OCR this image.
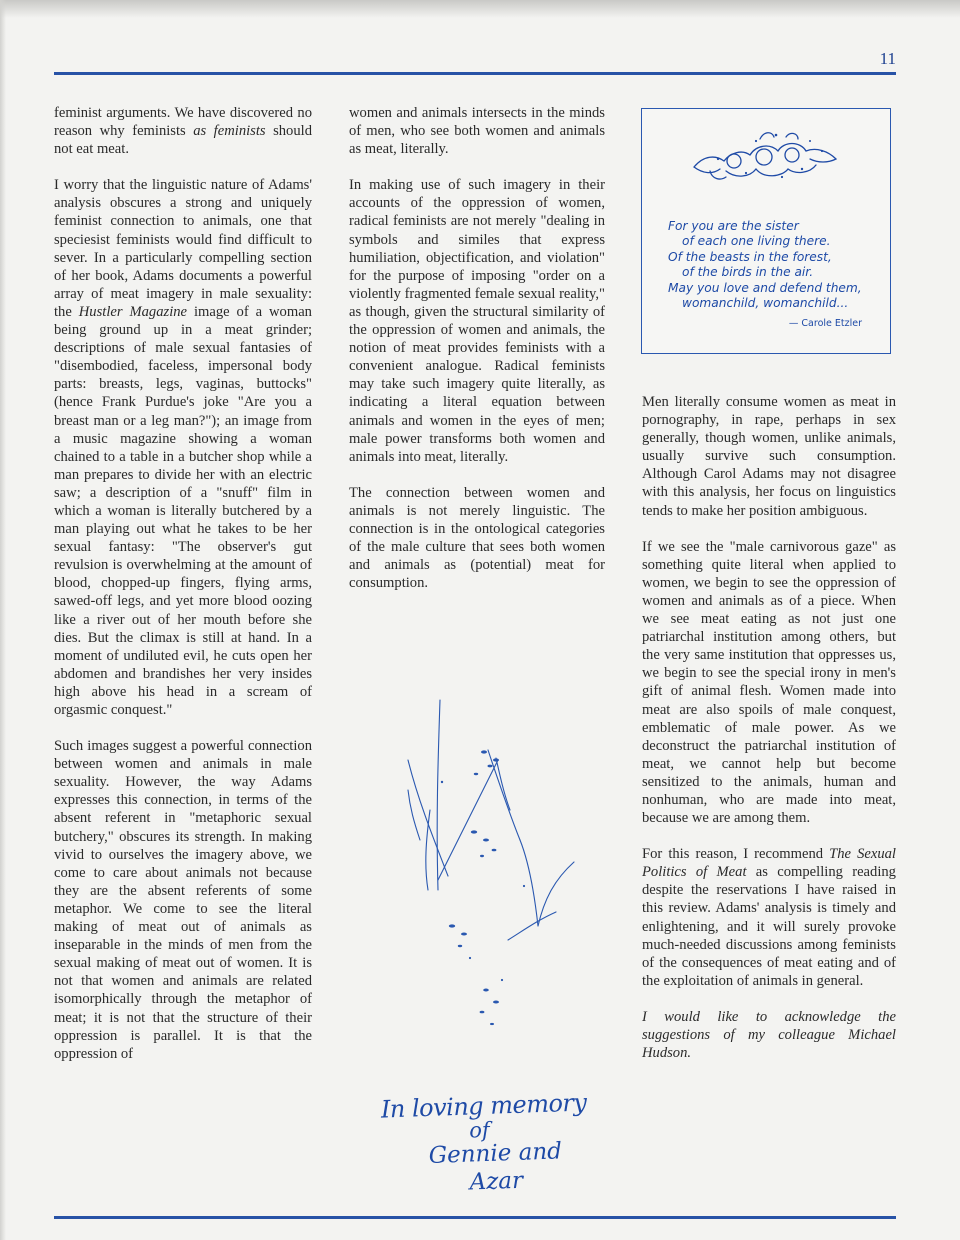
11

feminist arguments. We have discovered no reason why feminists as feminists should not eat meat.

I worry that the linguistic nature of Adams' analysis obscures a strong and uniquely feminist connection to animals, one that speciesist feminists would find difficult to sever. In a particularly compelling section of her book, Adams documents a powerful array of meat imagery in male sexuality: the Hustler Magazine image of a woman being ground up in a meat grinder; descriptions of male sexual fantasies of "disembodied, faceless, impersonal body parts: breasts, legs, vaginas, buttocks" (hence Frank Purdue's joke "Are you a breast man or a leg man?"); an image from a music magazine showing a woman chained to a table in a butcher shop while a man prepares to divide her with an electric saw; a description of a "snuff" film in which a woman is literally butchered by a man playing out what he takes to be her sexual fantasy: "The observer's gut revulsion is overwhelming at the amount of blood, chopped-up fingers, flying arms, sawed-off legs, and yet more blood oozing like a river out of her mouth before she dies. But the climax is still at hand. In a moment of undiluted evil, he cuts open her abdomen and brandishes her very insides high above his head in a scream of orgasmic conquest."

Such images suggest a powerful connection between women and animals in male sexuality. However, the way Adams expresses this connection, in terms of the absent referent in "metaphoric sexual butchery," obscures its strength. In making vivid to ourselves the imagery above, we come to care about animals not because they are the absent referents of some metaphor. We come to see the literal making of meat out of animals as inseparable in the minds of men from the sexual making of meat out of women. It is not that women and animals are related isomorphically through the metaphor of meat; it is not that the structure of their oppression is parallel. It is that the oppression of

women and animals intersects in the minds of men, who see both women and animals as meat, literally.

In making use of such imagery in their accounts of the oppression of women, radical feminists are not merely "dealing in symbols and similes that express humiliation, objectification, and violation" for the purpose of imposing "order on a violently fragmented female sexual reality," as though, given the structural similarity of the oppression of women and animals, the notion of meat provides feminists with a convenient analogue. Radical feminists may take such imagery quite literally, as indicating a literal equation between animals and women in the eyes of men; male power transforms both women and animals into meat, literally.

The connection between women and animals is not merely linguistic. The connection is in the ontological categories of the male culture that sees both women and animals as (potential) meat for consumption.

For you are the sister
of each one living there.
Of the beasts in the forest,
of the birds in the air.
May you love and defend them,
womanchild, womanchild...
— Carole Etzler
In loving memory
of
Gennie and Azar

Men literally consume women as meat in pornography, in rape, perhaps in sex generally, though women, unlike animals, usually survive such consumption. Although Carol Adams may not disagree with this analysis, her focus on linguistics tends to make her position ambiguous.

If we see the "male carnivorous gaze" as something quite literal when applied to women, we begin to see the oppression of women and animals as of a piece. When we see meat eating as not just one patriarchal institution among others, but the very same institution that oppresses us, we begin to see the special irony in men's gift of animal flesh. Women made into meat are also spoils of male conquest, emblematic of male power. As we deconstruct the patriarchal institution of meat, we cannot help but become sensitized to the animals, human and nonhuman, who are made into meat, because we are among them.

For this reason, I recommend The Sexual Politics of Meat as compelling reading despite the reservations I have raised in this review. Adams' analysis is timely and enlightening, and it will surely provoke much-needed discussions among feminists of the consequences of meat eating and of the exploitation of animals in general.

I would like to acknowledge the suggestions of my colleague Michael Hudson.
